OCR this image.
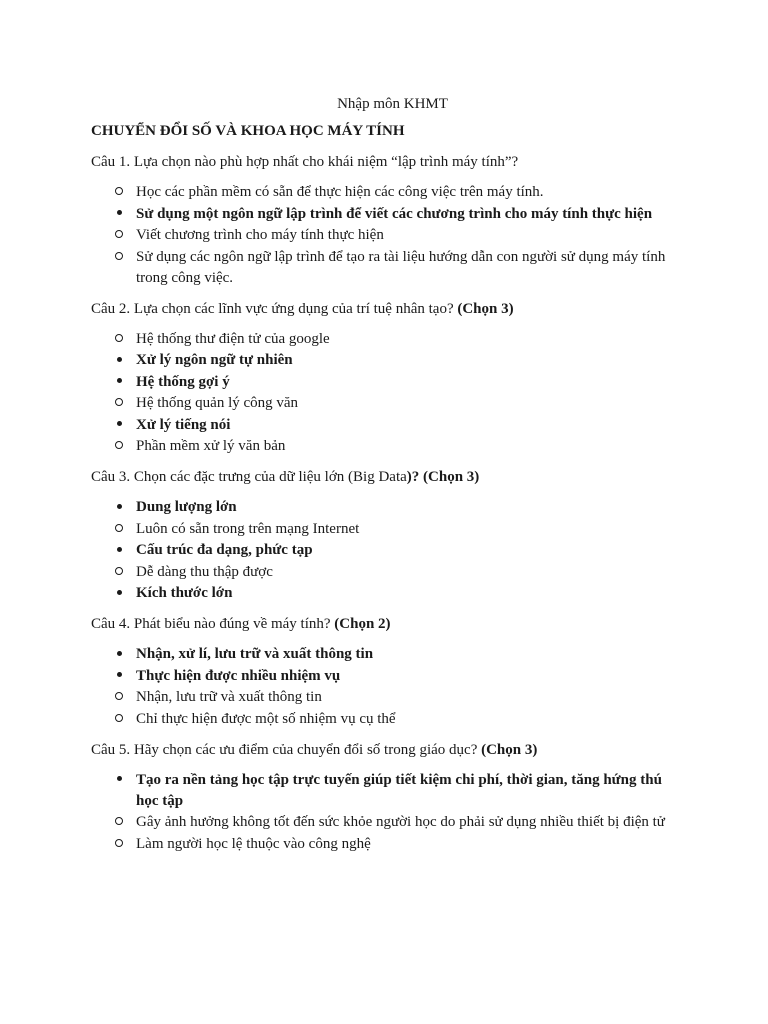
Nhập môn KHMT
CHUYỂN ĐỔI SỐ VÀ KHOA HỌC MÁY TÍNH
Câu 1. Lựa chọn nào phù hợp nhất cho khái niệm “lập trình máy tính”?
Học các phần mềm có sẵn để thực hiện các công việc trên máy tính.
Sử dụng một ngôn ngữ lập trình để viết các chương trình cho máy tính thực hiện
Viết chương trình cho máy tính thực hiện
Sử dụng các ngôn ngữ lập trình để tạo ra tài liệu hướng dẫn con người sử dụng máy tính trong công việc.
Câu 2. Lựa chọn các lĩnh vực ứng dụng của trí tuệ nhân tạo? (Chọn 3)
Hệ thống thư điện tử của google
Xử lý ngôn ngữ tự nhiên
Hệ thống gợi ý
Hệ thống quản lý công văn
Xử lý tiếng nói
Phần mềm xử lý văn bản
Câu 3. Chọn các đặc trưng của dữ liệu lớn (Big Data)? (Chọn 3)
Dung lượng lớn
Luôn có sẵn trong trên mạng Internet
Cấu trúc đa dạng, phức tạp
Dễ dàng thu thập được
Kích thước lớn
Câu 4. Phát biểu nào đúng về máy tính? (Chọn 2)
Nhận, xử lí, lưu trữ và xuất thông tin
Thực hiện được nhiều nhiệm vụ
Nhận, lưu trữ và xuất thông tin
Chỉ thực hiện được một số nhiệm vụ cụ thể
Câu 5. Hãy chọn các ưu điểm của chuyển đổi số trong giáo dục? (Chọn 3)
Tạo ra nền tảng học tập trực tuyến giúp tiết kiệm chi phí, thời gian, tăng hứng thú học tập
Gây ảnh hưởng không tốt đến sức khỏe người học do phải sử dụng nhiều thiết bị điện tử
Làm người học lệ thuộc vào công nghệ
